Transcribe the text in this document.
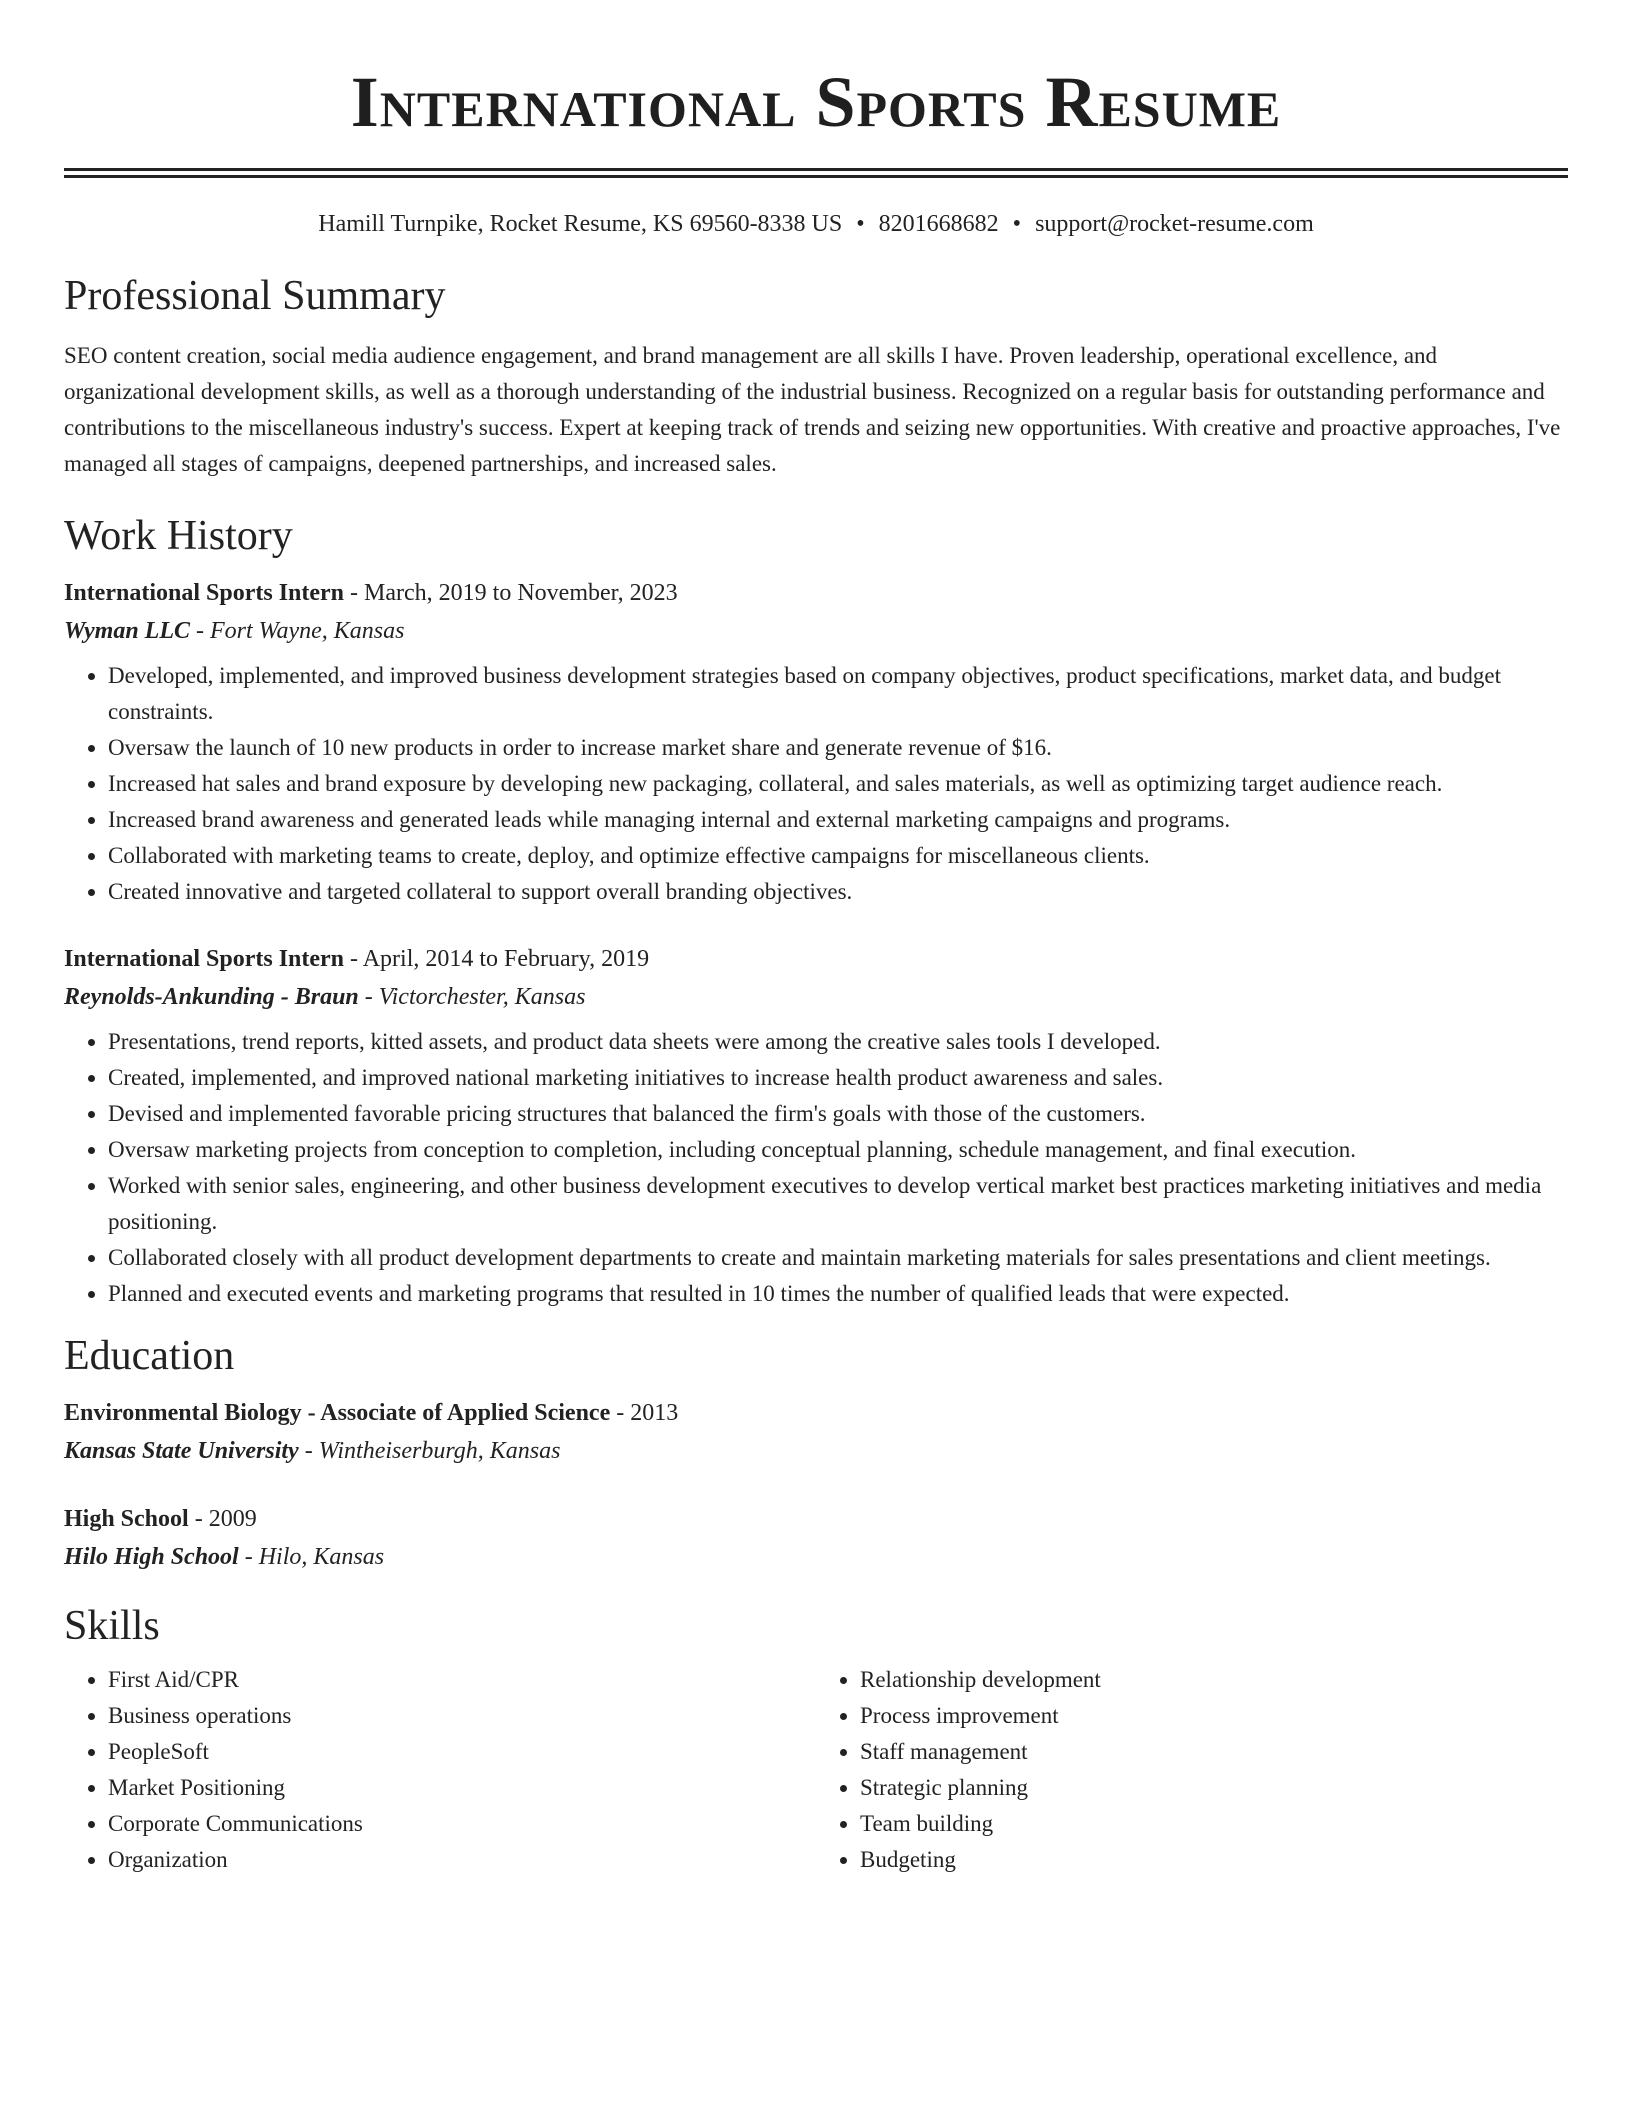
International Sports Resume
Hamill Turnpike, Rocket Resume, KS 69560-8338 US • 8201668682 • support@rocket-resume.com
Professional Summary

SEO content creation, social media audience engagement, and brand management are all skills I have. Proven leadership, operational excellence, and organizational development skills, as well as a thorough understanding of the industrial business. Recognized on a regular basis for outstanding performance and contributions to the miscellaneous industry's success. Expert at keeping track of trends and seizing new opportunities. With creative and proactive approaches, I've managed all stages of campaigns, deepened partnerships, and increased sales.

Work History

International Sports Intern - March, 2019 to November, 2023

Wyman LLC - Fort Wayne, Kansas

• Developed, implemented, and improved business development strategies based on company objectives, product specifications, market data, and budget constraints.
• Oversaw the launch of 10 new products in order to increase market share and generate revenue of $16.
• Increased hat sales and brand exposure by developing new packaging, collateral, and sales materials, as well as optimizing target audience reach.
• Increased brand awareness and generated leads while managing internal and external marketing campaigns and programs.
• Collaborated with marketing teams to create, deploy, and optimize effective campaigns for miscellaneous clients.
• Created innovative and targeted collateral to support overall branding objectives.

International Sports Intern - April, 2014 to February, 2019

Reynolds-Ankunding - Braun - Victorchester, Kansas

• Presentations, trend reports, kitted assets, and product data sheets were among the creative sales tools I developed.
• Created, implemented, and improved national marketing initiatives to increase health product awareness and sales.
• Devised and implemented favorable pricing structures that balanced the firm's goals with those of the customers.
• Oversaw marketing projects from conception to completion, including conceptual planning, schedule management, and final execution.
• Worked with senior sales, engineering, and other business development executives to develop vertical market best practices marketing initiatives and media positioning.
• Collaborated closely with all product development departments to create and maintain marketing materials for sales presentations and client meetings.
• Planned and executed events and marketing programs that resulted in 10 times the number of qualified leads that were expected.
Education

Environmental Biology - Associate of Applied Science - 2013

Kansas State University - Wintheiserburgh, Kansas

High School - 2009

Hilo High School - Hilo, Kansas

Skills
• First Aid/CPR
• Business operations
• PeopleSoft
• Market Positioning
• Corporate Communications
• Organization
• Relationship development
• Process improvement
• Staff management
• Strategic planning
• Team building
• Budgeting
